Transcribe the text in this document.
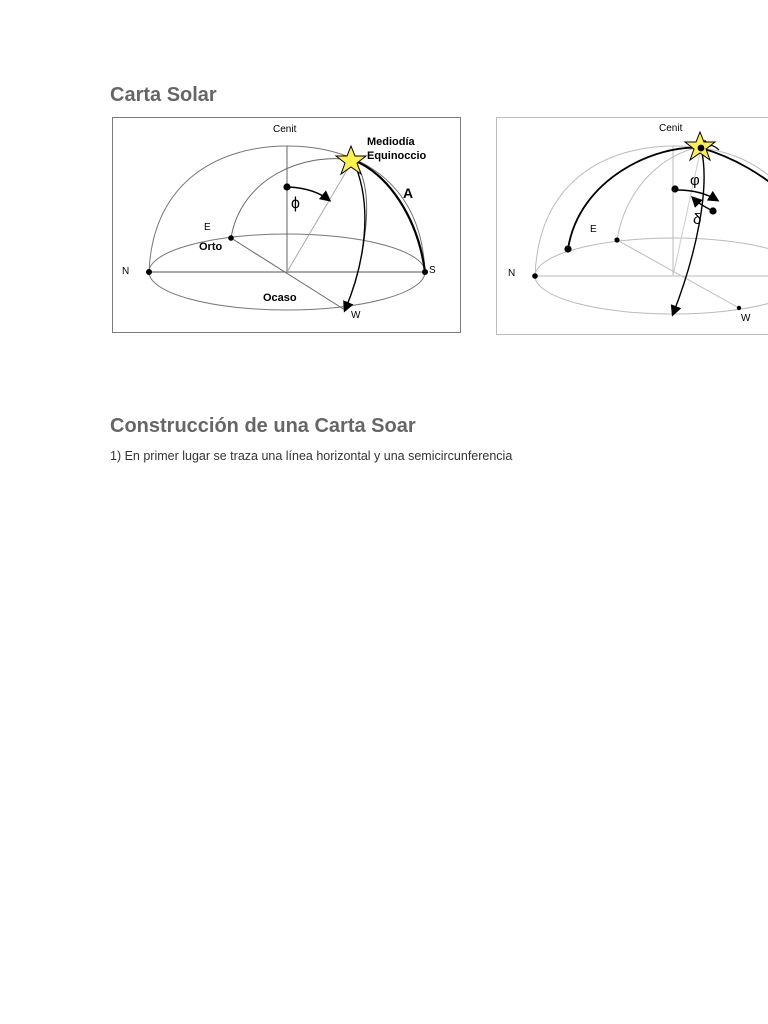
Carta Solar
Cenit
Mediodía
Equinoccio
A
ϕ
E
Orto
N	S
Ocaso
W
Cenit
φ
δ
E
N
W
Construcción de una Carta Soar

1) En primer lugar se traza una línea horizontal y una semicircunferencia
